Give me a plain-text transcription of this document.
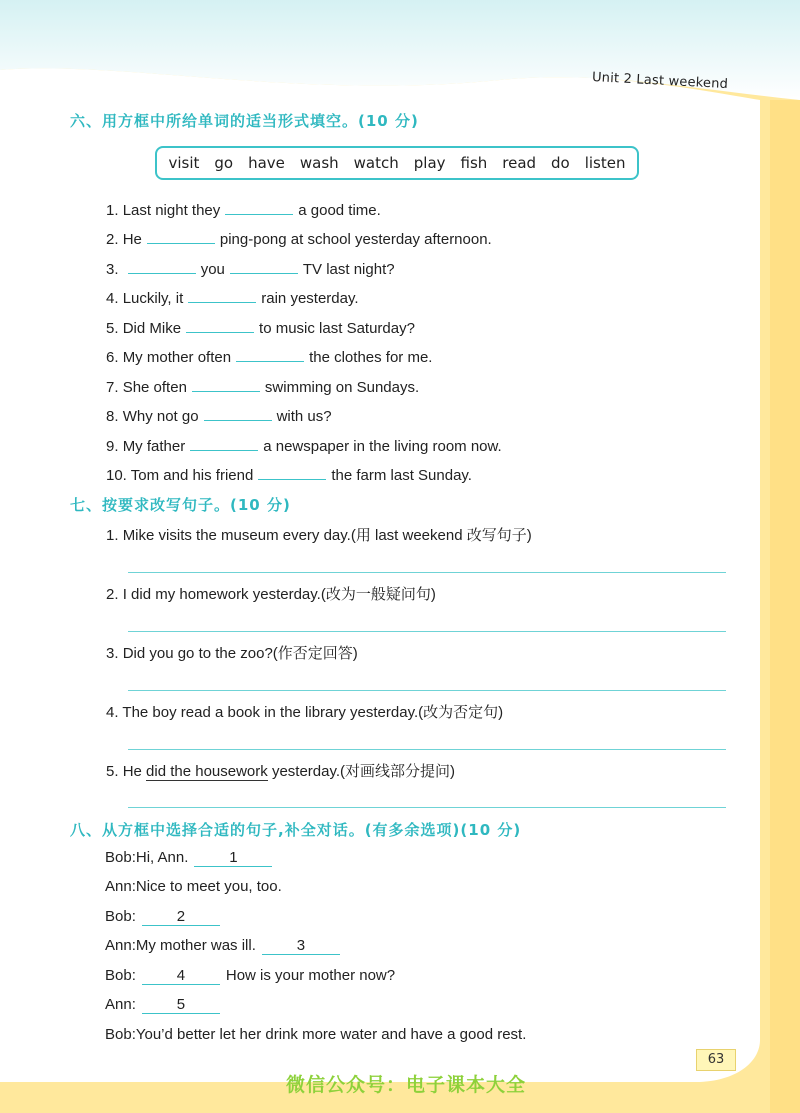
Unit 2 Last weekend
六、用方框中所给单词的适当形式填空。(10 分)
visit go have wash watch play fish read do listen
1. Last night they	a good time.
2. He	ping-pong at school yesterday afternoon.
3.	you	TV last night?
4. Luckily, it	rain yesterday.
5. Did Mike	to music last Saturday?
6. My mother often	the clothes for me.
7. She often	swimming on Sundays.
8. Why not go	with us?
9. My father	a newspaper in the living room now.
10. Tom and his friend	the farm last Sunday.
七、按要求改写句子。(10 分)
1. Mike visits the museum every day.(用 last weekend 改写句子)
2. I did my homework yesterday.(改为一般疑问句)
3. Did you go to the zoo?(作否定回答)
4. The boy read a book in the library yesterday.(改为否定句)
5. He did the housework yesterday.(对画线部分提问)
八、从方框中选择合适的句子,补全对话。(有多余选项)(10 分)
Bob:Hi, Ann.	1
Ann:Nice to meet you, too.
Bob:	2
Ann:My mother was ill.	3
Bob:	4	How is your mother now?
Ann:	5
Bob:You’d better let her drink more water and have a good rest.
63
微信公众号：电子课本大全
